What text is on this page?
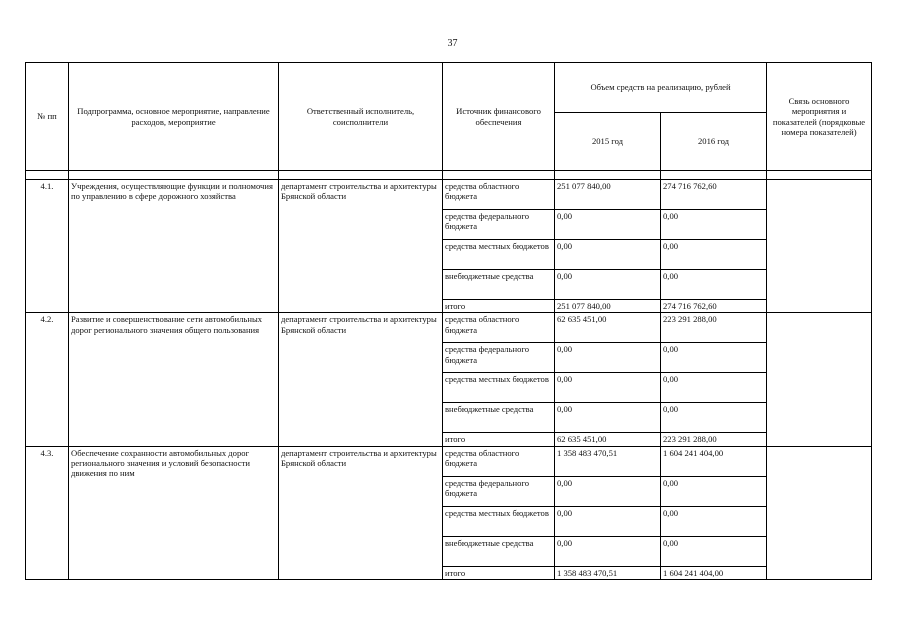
37
№ пп	Подпрограмма, основное мероприятие, направление расходов, мероприятие	Ответственный исполнитель, соисполнители	Источник финансового обеспечения	Объем средств на реализацию, рублей		Связь основного мероприятия и показателей (порядковые номера показателей)
				2015 год	2016 год	

4.1.	Учреждения, осуществляющие функции и полномочия по управлению в сфере дорожного хозяйства	департамент строительства и архитектуры Брянской области	средства областного бюджета	251 077 840,00	274 716 762,60	
			средства федерального бюджета	0,00	0,00	
			средства местных бюджетов	0,00	0,00	
			внебюджетные средства	0,00	0,00	
			итого	251 077 840,00	274 716 762,60	
4.2.	Развитие и совершенствование сети автомобильных дорог регионального значения общего пользования	департамент строительства и архитектуры Брянской области	средства областного бюджета	62 635 451,00	223 291 288,00	
			средства федерального бюджета	0,00	0,00	
			средства местных бюджетов	0,00	0,00	
			внебюджетные средства	0,00	0,00	
			итого	62 635 451,00	223 291 288,00	
4.3.	Обеспечение сохранности автомобильных дорог регионального значения и условий безопасности движения по ним	департамент строительства и архитектуры Брянской области	средства областного бюджета	1 358 483 470,51	1 604 241 404,00	
			средства федерального бюджета	0,00	0,00	
			средства местных бюджетов	0,00	0,00	
			внебюджетные средства	0,00	0,00	
			итого	1 358 483 470,51	1 604 241 404,00	
